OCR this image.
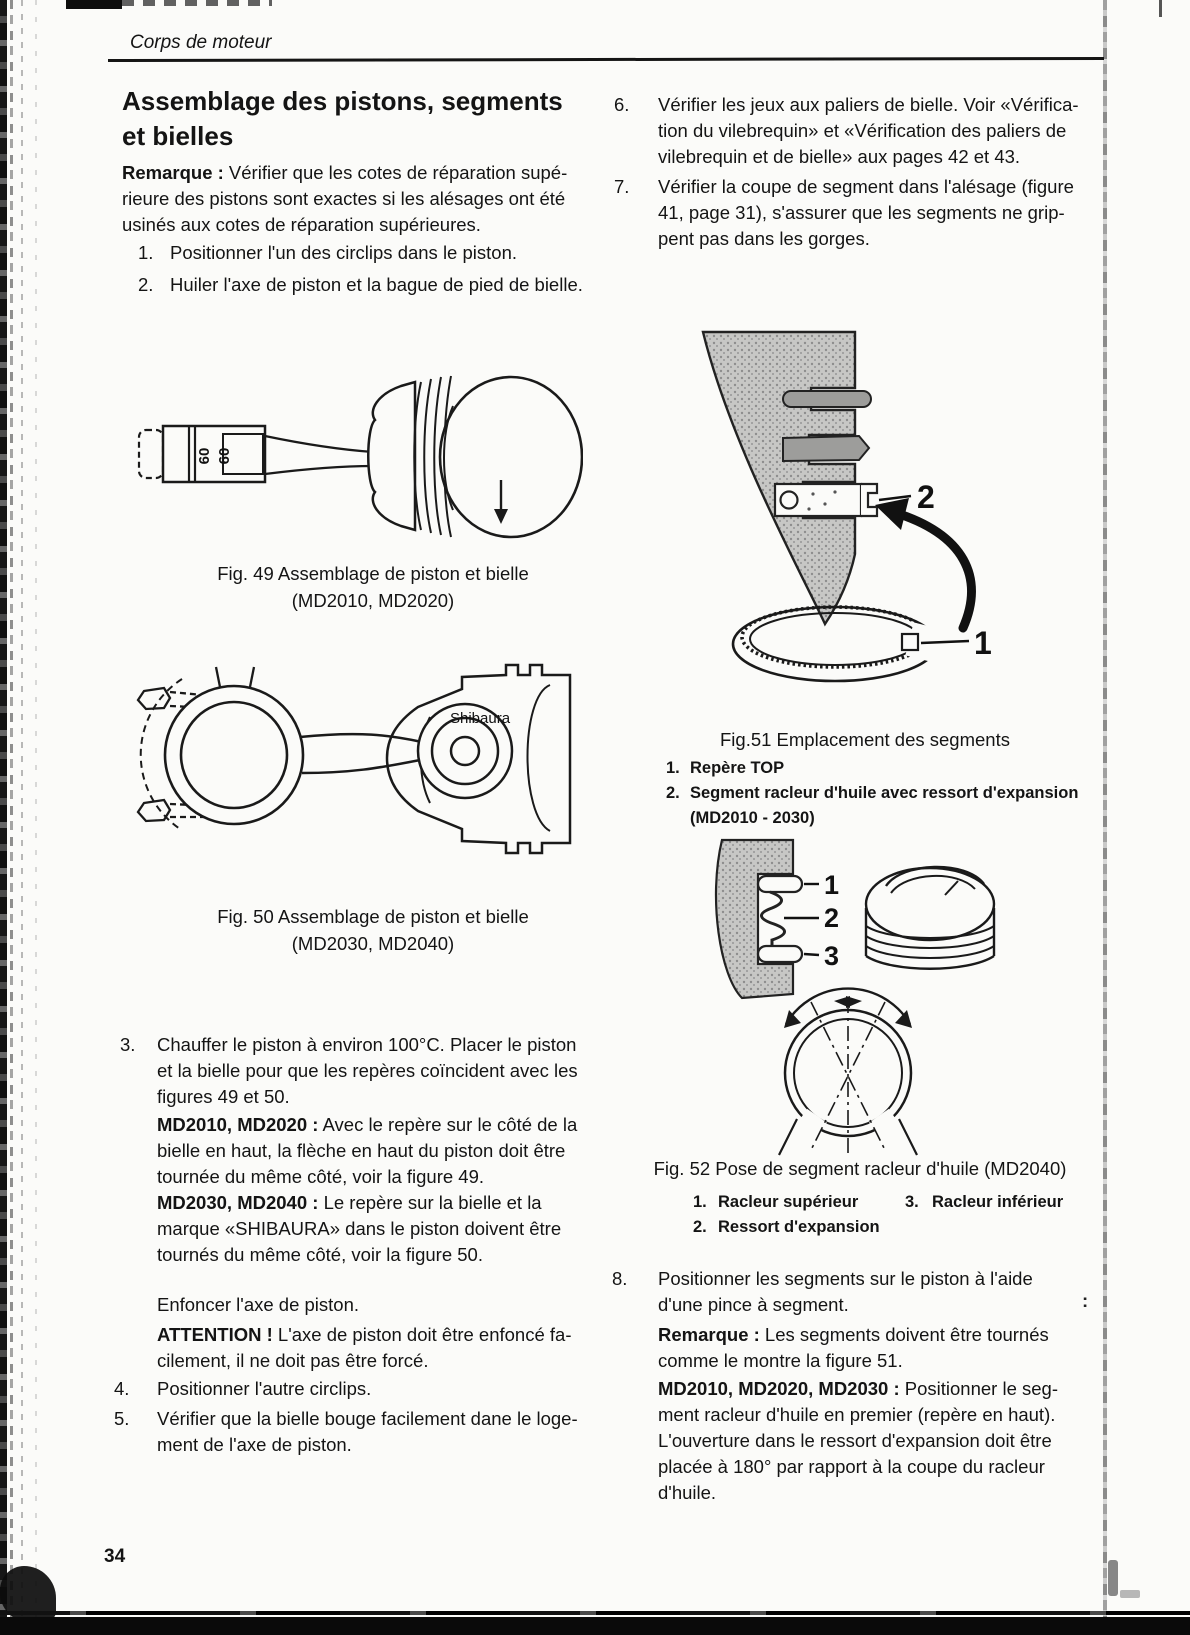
:
Corps de moteur
Assemblage des pistons, segments
et bielles
Remarque : Vérifier que les cotes de réparation supé-
rieure des pistons sont exactes si les alésages ont été
usinés aux cotes de réparation supérieures.
1. Positionner l'un des circlips dans le piston.
2. Huiler l'axe de piston et la bague de pied de bielle.
60 60
Fig. 49 Assemblage de piston et bielle
(MD2010, MD2020)
Shibaura
Fig. 50 Assemblage de piston et bielle
(MD2030, MD2040)
3. Chauffer le piston à environ 100°C. Placer le piston
et la bielle pour que les repères coïncident avec les
figures 49 et 50.
MD2010, MD2020 : Avec le repère sur le côté de la
bielle en haut, la flèche en haut du piston doit être
tournée du même côté, voir la figure 49.
MD2030, MD2040 : Le repère sur la bielle et la
marque «SHIBAURA» dans le piston doivent être
tournés du même côté, voir la figure 50.
Enfoncer l'axe de piston.
ATTENTION ! L'axe de piston doit être enfoncé fa-
cilement, il ne doit pas être forcé.
4. Positionner l'autre circlips.
5. Vérifier que la bielle bouge facilement dane le loge-
ment de l'axe de piston.
34
6. Vérifier les jeux aux paliers de bielle. Voir «Vérifica-
tion du vilebrequin» et «Vérification des paliers de
vilebrequin et de bielle» aux pages 42 et 43.
7. Vérifier la coupe de segment dans l'alésage (figure
41, page 31), s'assurer que les segments ne grip-
pent pas dans les gorges.
2
1
Fig.51 Emplacement des segments
1. Repère TOP
2. Segment racleur d'huile avec ressort d'expansion
(MD2010 - 2030)
1
2
3
Fig. 52 Pose de segment racleur d'huile (MD2040)
1. Racleur supérieur	3. Racleur inférieur
2. Ressort d'expansion
8. Positionner les segments sur le piston à l'aide
d'une pince à segment.
Remarque : Les segments doivent être tournés
comme le montre la figure 51.
MD2010, MD2020, MD2030 : Positionner le seg-
ment racleur d'huile en premier (repère en haut).
L'ouverture dans le ressort d'expansion doit être
placée à 180° par rapport à la coupe du racleur
d'huile.
